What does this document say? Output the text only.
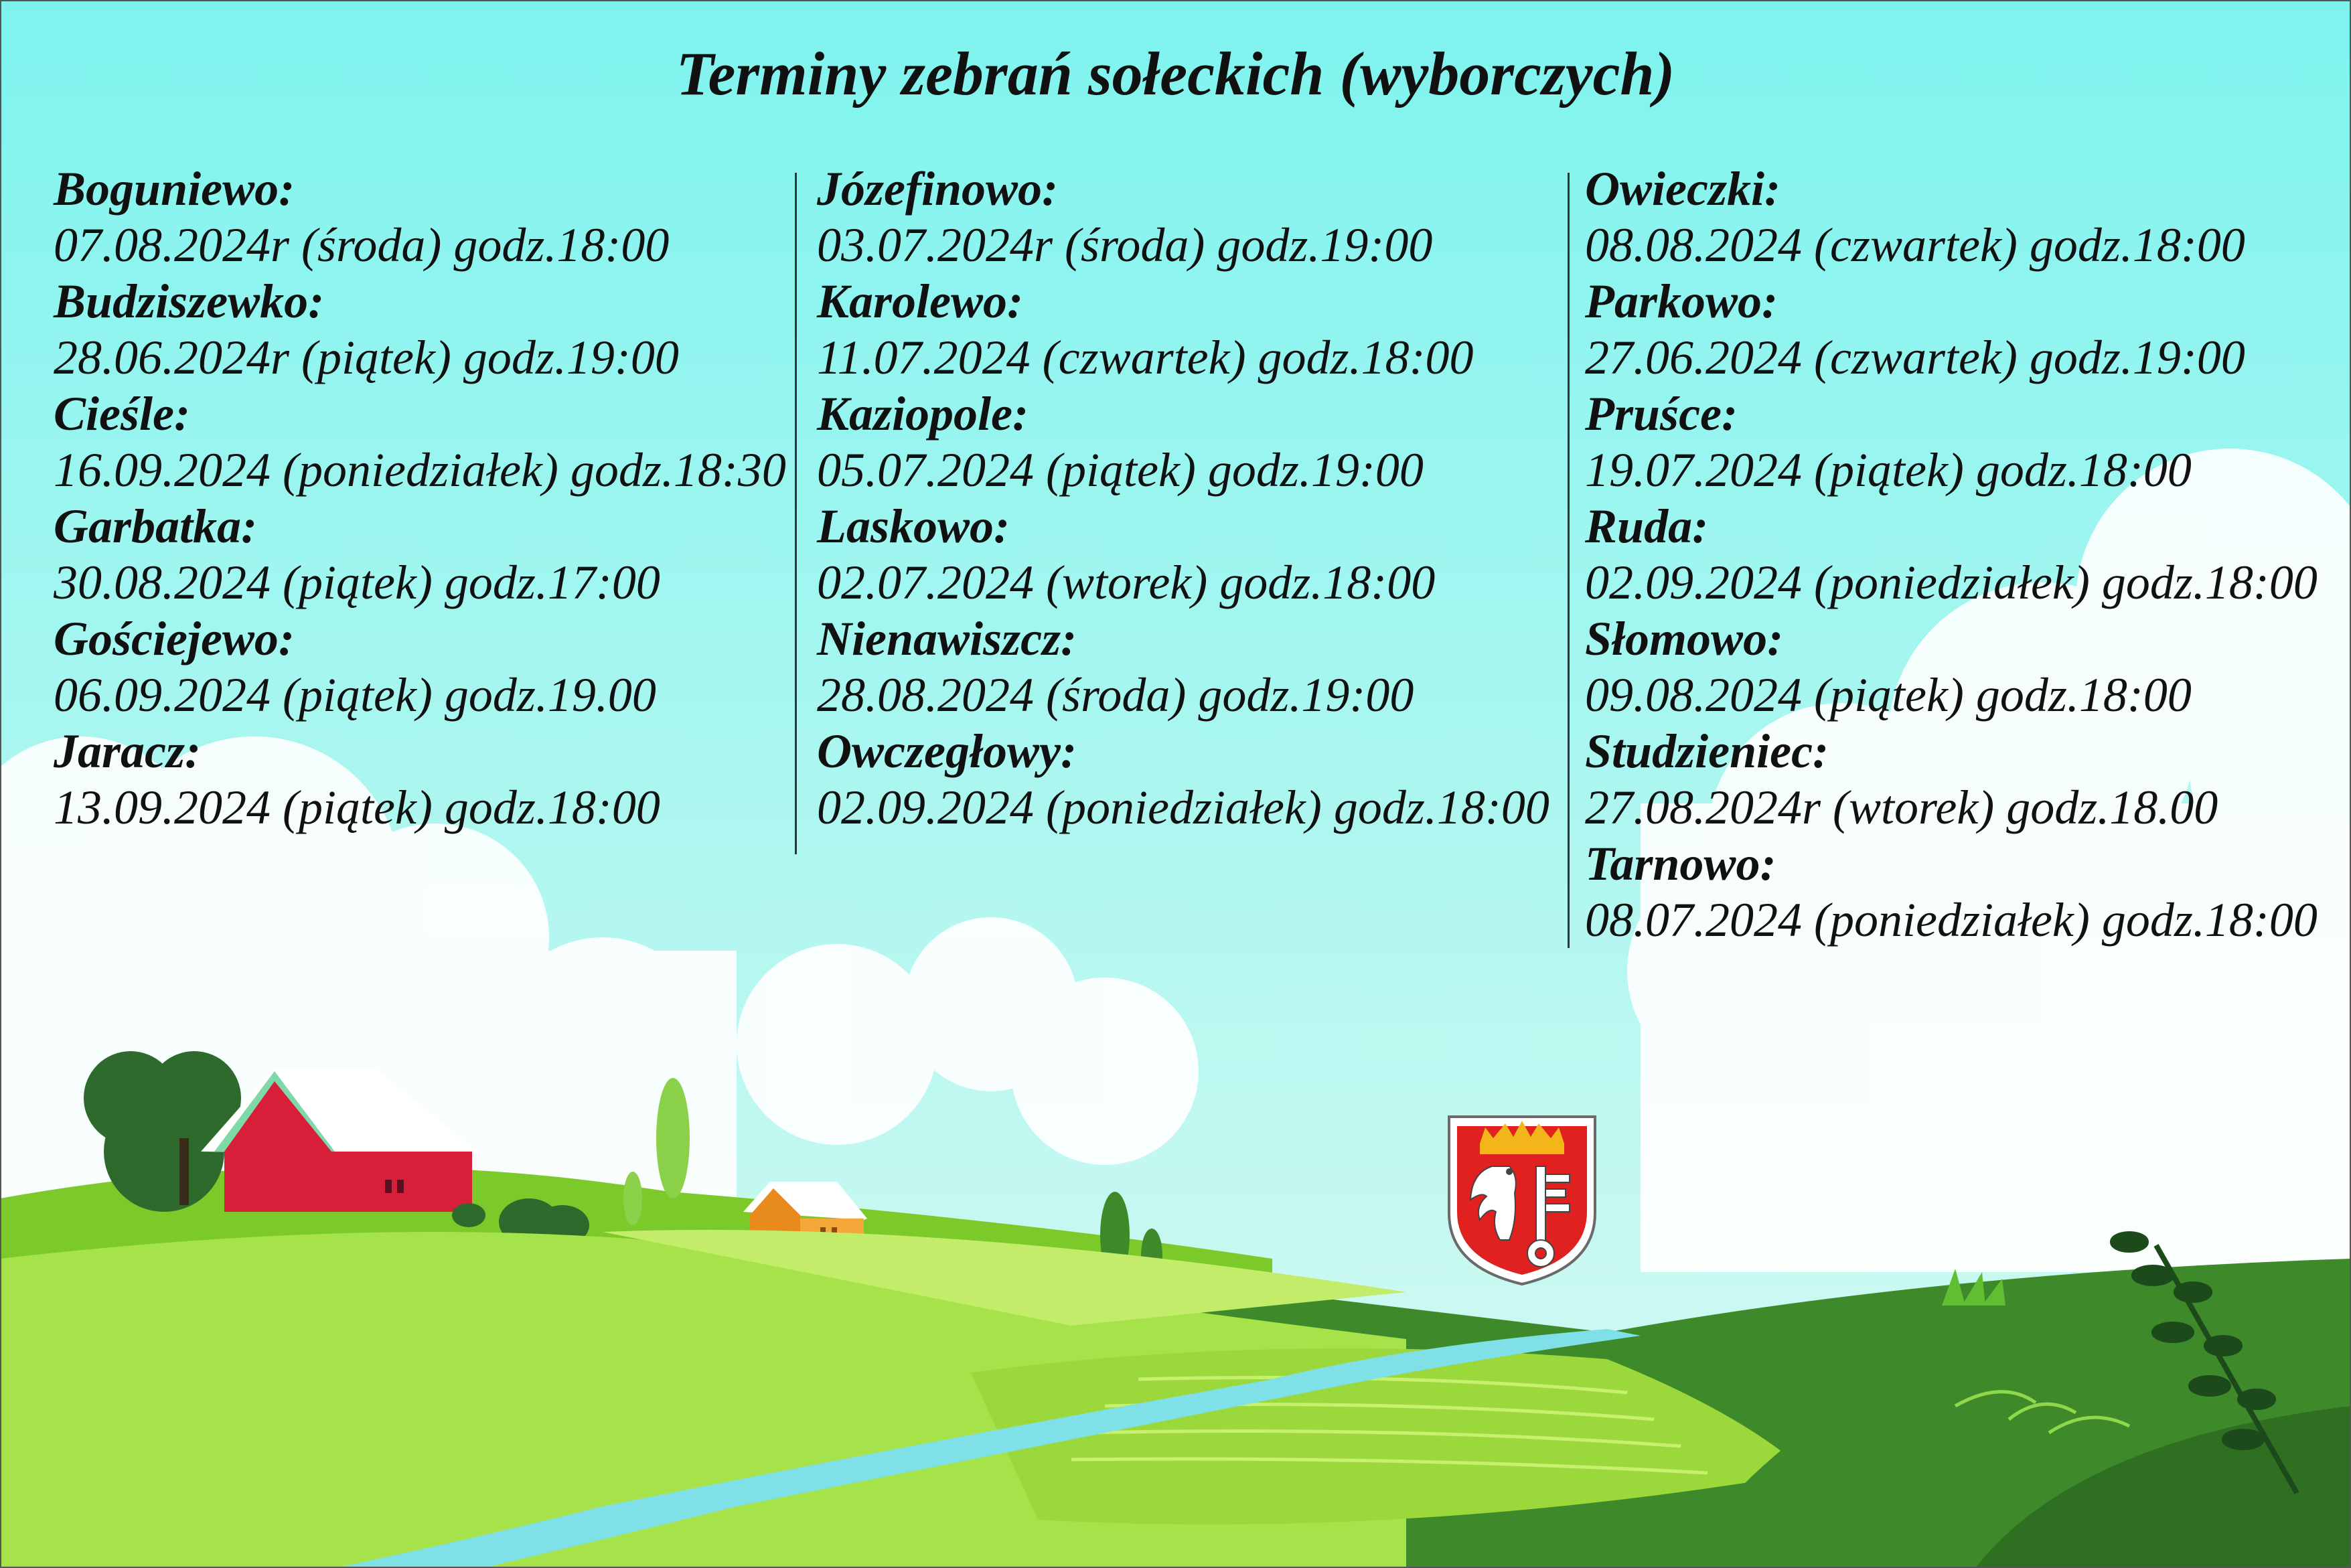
Terminy zebrań sołeckich (wyborczych)
Boguniewo:
07.08.2024r (środa) godz.18:00
Budziszewko:
28.06.2024r (piątek) godz.19:00
Cieśle:
16.09.2024 (poniedziałek) godz.18:30
Garbatka:
30.08.2024 (piątek) godz.17:00
Gościejewo:
06.09.2024 (piątek) godz.19.00
Jaracz:
13.09.2024 (piątek) godz.18:00
Józefinowo:
03.07.2024r (środa) godz.19:00
Karolewo:
11.07.2024 (czwartek) godz.18:00
Kaziopole:
05.07.2024 (piątek) godz.19:00
Laskowo:
02.07.2024 (wtorek) godz.18:00
Nienawiszcz:
28.08.2024 (środa) godz.19:00
Owczegłowy:
02.09.2024 (poniedziałek) godz.18:00
Owieczki:
08.08.2024 (czwartek) godz.18:00
Parkowo:
27.06.2024 (czwartek) godz.19:00
Pruśce:
19.07.2024 (piątek) godz.18:00
Ruda:
02.09.2024 (poniedziałek) godz.18:00
Słomowo:
09.08.2024 (piątek) godz.18:00
Studzieniec:
27.08.2024r (wtorek) godz.18.00
Tarnowo:
08.07.2024 (poniedziałek) godz.18:00
